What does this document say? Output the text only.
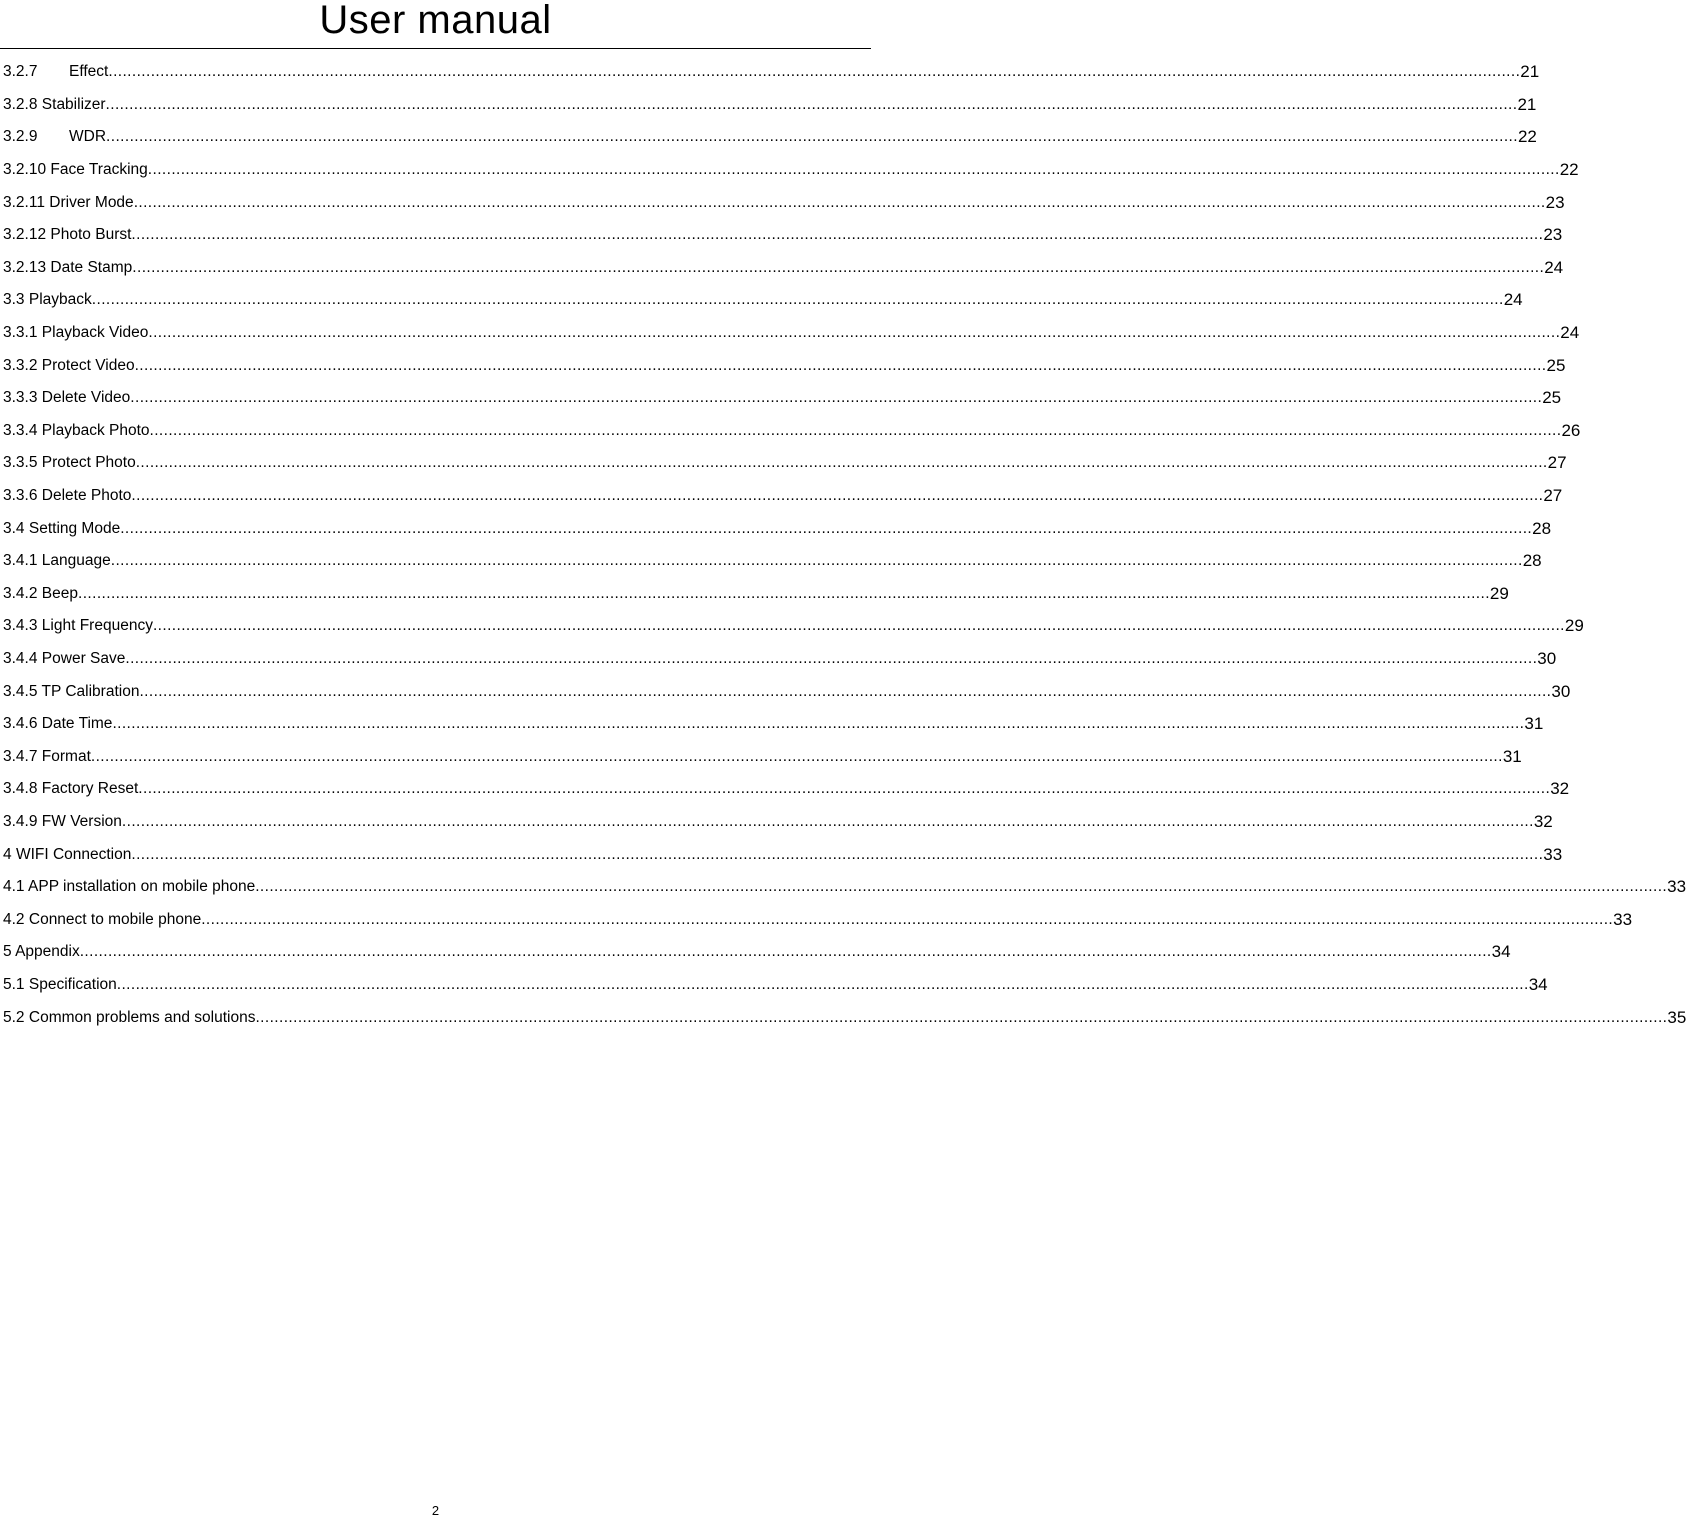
User manual
3.2.7 Effect ............................................................................................................................................................................................................................................................................................................ 21
3.2.8 Stabilizer ............................................................................................................................................................................................................................................................................................................ 21
3.2.9 WDR ............................................................................................................................................................................................................................................................................................................ 22
3.2.10 Face Tracking ............................................................................................................................................................................................................................................................................................................ 22
3.2.11 Driver Mode ............................................................................................................................................................................................................................................................................................................ 23
3.2.12 Photo Burst ............................................................................................................................................................................................................................................................................................................ 23
3.2.13 Date Stamp ............................................................................................................................................................................................................................................................................................................ 24
3.3 Playback ............................................................................................................................................................................................................................................................................................................ 24
3.3.1 Playback Video ............................................................................................................................................................................................................................................................................................................ 24
3.3.2 Protect Video ............................................................................................................................................................................................................................................................................................................ 25
3.3.3 Delete Video ............................................................................................................................................................................................................................................................................................................ 25
3.3.4 Playback Photo ............................................................................................................................................................................................................................................................................................................ 26
3.3.5 Protect Photo ............................................................................................................................................................................................................................................................................................................ 27
3.3.6 Delete Photo ............................................................................................................................................................................................................................................................................................................ 27
3.4 Setting Mode ............................................................................................................................................................................................................................................................................................................ 28
3.4.1 Language ............................................................................................................................................................................................................................................................................................................ 28
3.4.2 Beep ............................................................................................................................................................................................................................................................................................................ 29
3.4.3 Light Frequency ............................................................................................................................................................................................................................................................................................................ 29
3.4.4 Power Save ............................................................................................................................................................................................................................................................................................................ 30
3.4.5 TP Calibration ............................................................................................................................................................................................................................................................................................................ 30
3.4.6 Date Time ............................................................................................................................................................................................................................................................................................................ 31
3.4.7 Format ............................................................................................................................................................................................................................................................................................................ 31
3.4.8 Factory Reset ............................................................................................................................................................................................................................................................................................................ 32
3.4.9 FW Version ............................................................................................................................................................................................................................................................................................................ 32
4 WIFI Connection ............................................................................................................................................................................................................................................................................................................ 33
4.1 APP installation on mobile phone ............................................................................................................................................................................................................................................................................................................ 33
4.2 Connect to mobile phone ............................................................................................................................................................................................................................................................................................................ 33
5 Appendix ............................................................................................................................................................................................................................................................................................................ 34
5.1 Specification ............................................................................................................................................................................................................................................................................................................ 34
5.2 Common problems and solutions ............................................................................................................................................................................................................................................................................................................ 35
2
